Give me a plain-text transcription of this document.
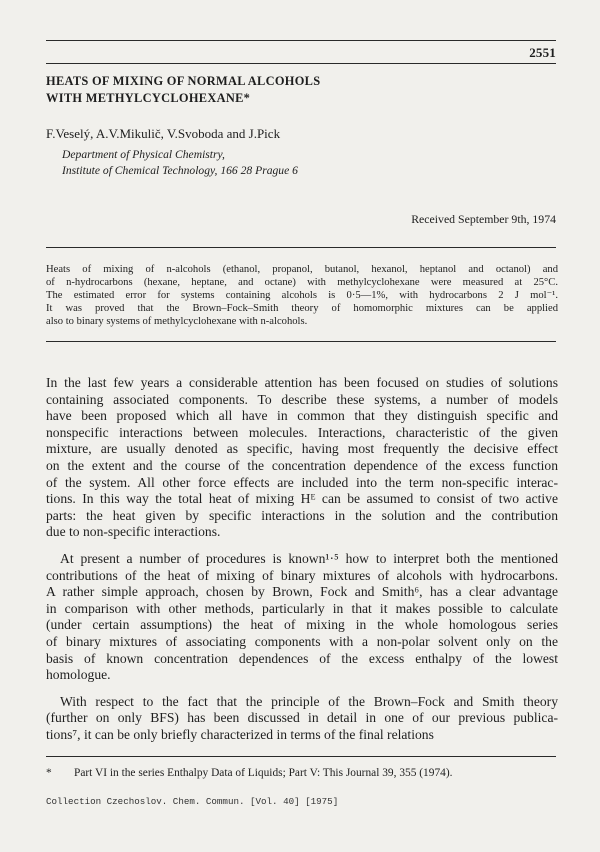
2551
HEATS OF MIXING OF NORMAL ALCOHOLS
WITH METHYLCYCLOHEXANE*
F.Veselý, A.V.Mikulič, V.Svoboda and J.Pick
Department of Physical Chemistry,
Institute of Chemical Technology, 166 28 Prague 6
Received September 9th, 1974
Heats of mixing of n-alcohols (ethanol, propanol, butanol, hexanol, heptanol and octanol) and
of n-hydrocarbons (hexane, heptane, and octane) with methylcyclohexane were measured at 25°C.
The estimated error for systems containing alcohols is 0·5—1%, with hydrocarbons 2 J mol⁻¹.
It was proved that the Brown–Fock–Smith theory of homomorphic mixtures can be applied
also to binary systems of methylcyclohexane with n-alcohols.
In the last few years a considerable attention has been focused on studies of solutions
containing associated components. To describe these systems, a number of models
have been proposed which all have in common that they distinguish specific and
nonspecific interactions between molecules. Interactions, characteristic of the given
mixture, are usually denoted as specific, having most frequently the decisive effect
on the extent and the course of the concentration dependence of the excess function
of the system. All other force effects are included into the term non-specific interac-
tions. In this way the total heat of mixing Hᴱ can be assumed to consist of two active
parts: the heat given by specific interactions in the solution and the contribution
due to non-specific interactions.
At present a number of procedures is known¹·⁵ how to interpret both the mentioned
contributions of the heat of mixing of binary mixtures of alcohols with hydrocarbons.
A rather simple approach, chosen by Brown, Fock and Smith⁶, has a clear advantage
in comparison with other methods, particularly in that it makes possible to calculate
(under certain assumptions) the heat of mixing in the whole homologous series
of binary mixtures of associating components with a non-polar solvent only on the
basis of known concentration dependences of the excess enthalpy of the lowest
homologue.
With respect to the fact that the principle of the Brown–Fock and Smith theory
(further on only BFS) has been discussed in detail in one of our previous publica-
tions⁷, it can be only briefly characterized in terms of the final relations
* Part VI in the series Enthalpy Data of Liquids; Part V: This Journal 39, 355 (1974).
Collection Czechoslov. Chem. Commun. [Vol. 40] [1975]
